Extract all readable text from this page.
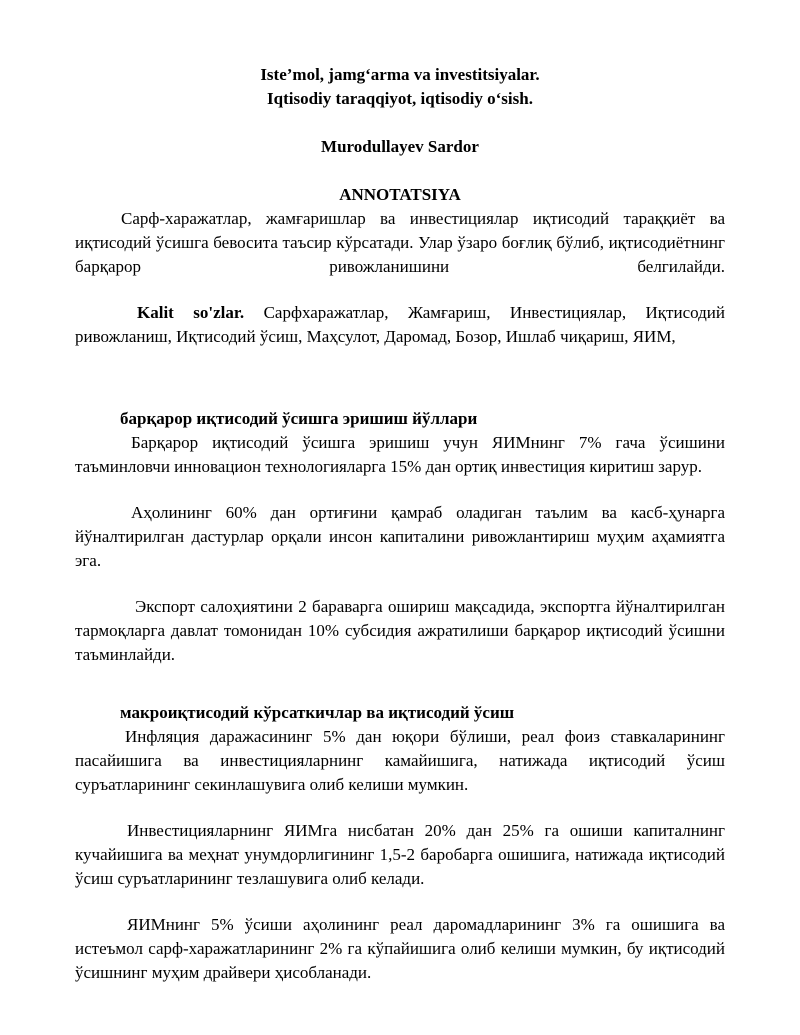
Iste’mol, jamg‘arma va investitsiyalar.
Iqtisodiy taraqqiyot, iqtisodiy o‘sish.
Murodullayev Sardor
ANNOTATSIYA

Сарф-харажатлар, жамғаришлар ва инвестициялар иқтисодий тараққиёт ва иқтисодий ўсишга бевосита таъсир кўрсатади. Улар ўзаро боғлиқ бўлиб, иқтисодиётнинг барқарор ривожланишини белгилайди.

Kalit so'zlar. Сарфхаражатлар, Жамғариш, Инвестициялар, Иқтисодий ривожланиш, Иқтисодий ўсиш, Маҳсулот, Даромад, Бозор, Ишлаб чиқариш, ЯИМ,

барқарор иқтисодий ўсишга эришиш йўллари

Барқарор иқтисодий ўсишга эришиш учун ЯИМнинг 7% гача ўсишини таъминловчи инновацион технологияларга 15% дан ортиқ инвестиция киритиш зарур.

Аҳолининг 60% дан ортиғини қамраб оладиган таълим ва касб-ҳунарга йўналтирилган дастурлар орқали инсон капиталини ривожлантириш муҳим аҳамиятга эга.

Экспорт салоҳиятини 2 бараварга ошириш мақсадида, экспортга йўналтирилган тармоқларга давлат томонидан 10% субсидия ажратилиши барқарор иқтисодий ўсишни таъминлайди.

макроиқтисодий кўрсаткичлар ва иқтисодий ўсиш

Инфляция даражасининг 5% дан юқори бўлиши, реал фоиз ставкаларининг пасайишига ва инвестицияларнинг камайишига, натижада иқтисодий ўсиш суръатларининг секинлашувига олиб келиши мумкин.

Инвестицияларнинг ЯИМга нисбатан 20% дан 25% га ошиши капиталнинг кучайишига ва меҳнат унумдорлигининг 1,5-2 баробарга ошишига, натижада иқтисодий ўсиш суръатларининг тезлашувига олиб келади.

ЯИМнинг 5% ўсиши аҳолининг реал даромадларининг 3% га ошишига ва истеъмол сарф-харажатларининг 2% га кўпайишига олиб келиши мумкин, бу иқтисодий ўсишнинг муҳим драйвери ҳисобланади.
